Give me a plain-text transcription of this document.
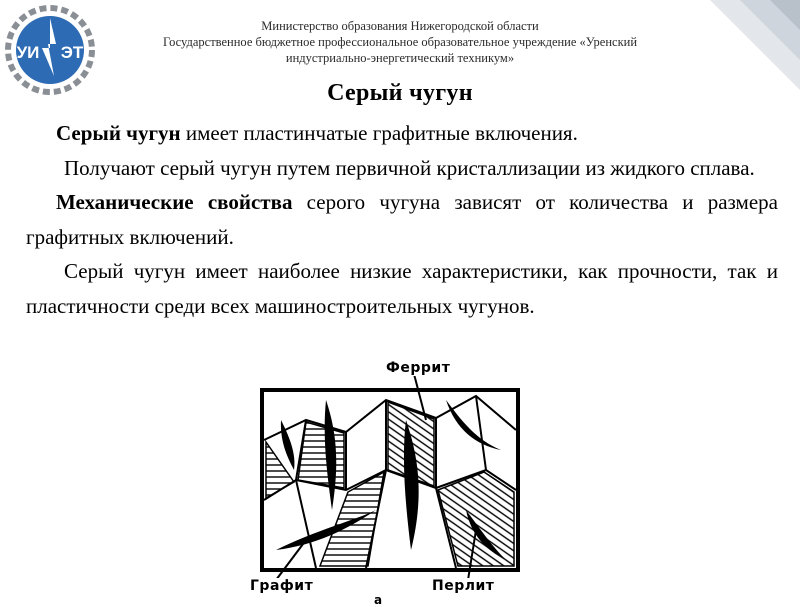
УИ ЭТ
Министерство образования Нижегородской области
Государственное бюджетное профессиональное образовательное учреждение «Уренский
индустриально-энергетический техникум»
Серый чугун

Серый чугун имеет пластинчатые графитные включения.

Получают серый чугун путем первичной кристаллизации из жидкого сплава.

Механические свойства серого чугуна зависят от количества и размера графитных включений.

Серый чугун имеет наиболее низкие характеристики, как прочности, так и пластичности среди всех машиностроительных чугунов.

Феррит
Графит	Перлит
а
